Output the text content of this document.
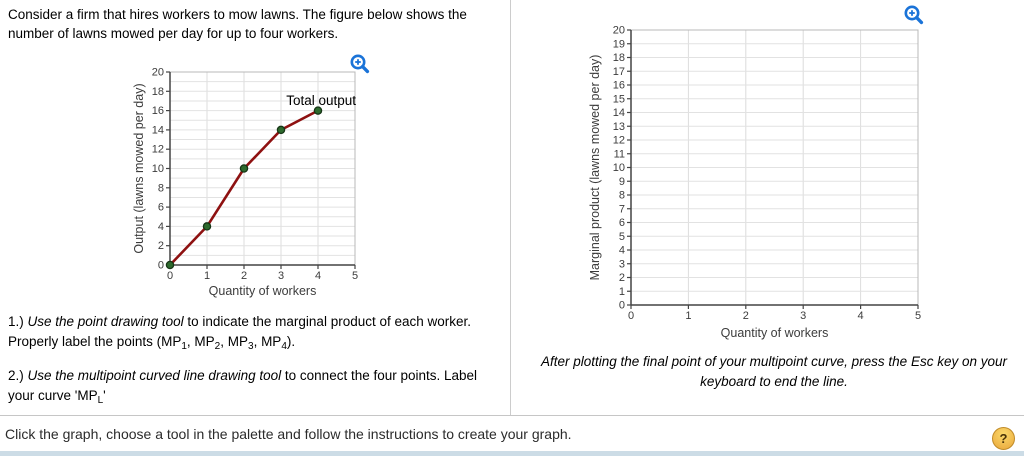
Consider a firm that hires workers to mow lawns. The figure below shows the number of lawns mowed per day for up to four workers.
0	1	2	3	4	5
0
2
4
6
8
10
12
14
16
18
20
Quantity of workers
Output (lawns mowed per day)	Total output
0	1	2	3	4	5
0
1
2
3
4
5
6
7
8
9
10
11
12
13
14
15
16
17
18
19
20
Quantity of workers
Marginal product (lawns mowed per day)

1.) Use the point drawing tool to indicate the marginal product of each worker. Properly label the points ($MP_1$, $MP_2$, $MP_3$, $MP_4$).

2.) Use the multipoint curved line drawing tool to connect the four points. Label your curve '$MP_L$'

After plotting the final point of your multipoint curve, press the Esc key on your keyboard to end the line.
Click the graph, choose a tool in the palette and follow the instructions to create your graph.	?
